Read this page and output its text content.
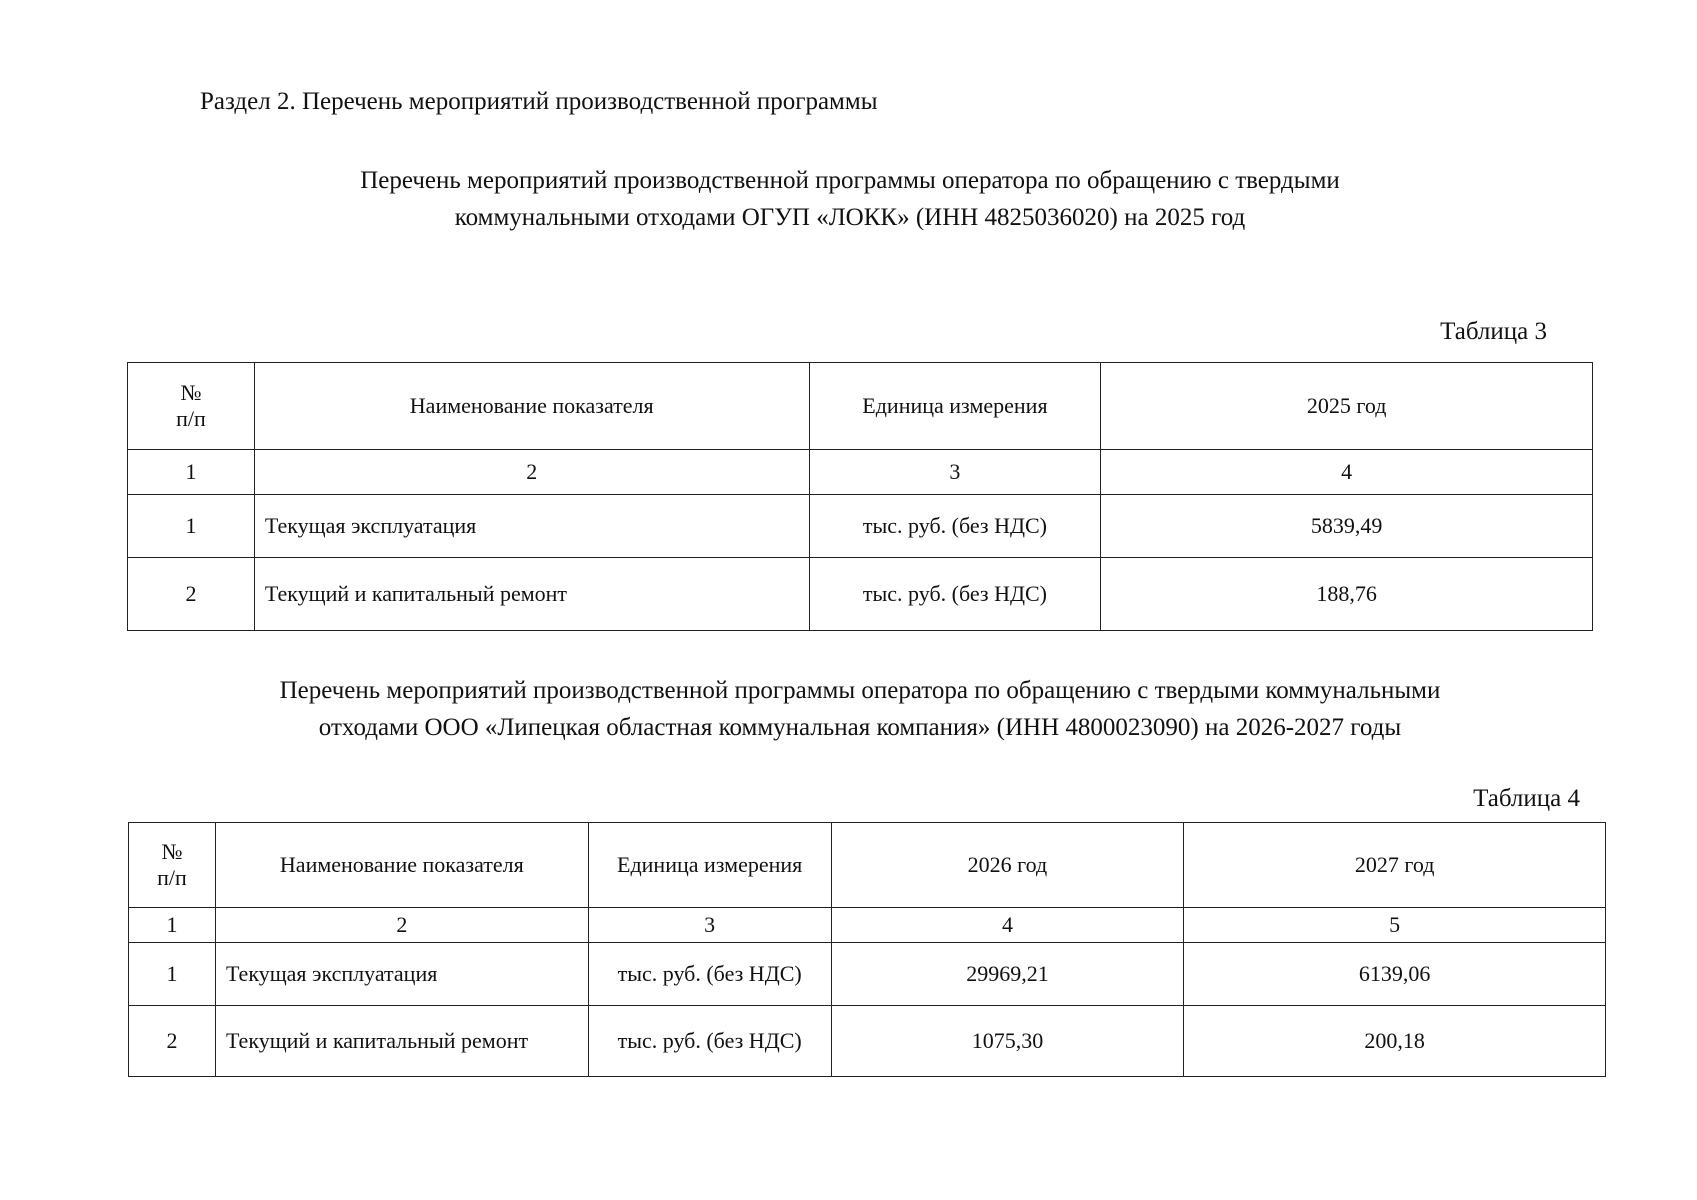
Раздел 2. Перечень мероприятий производственной программы

Перечень мероприятий производственной программы оператора по обращению с твердыми
коммунальными отходами ОГУП «ЛОКК» (ИНН 4825036020) на 2025 год

Таблица 3

№
п/п	Наименование показателя	Единица измерения	2025 год
1	2	3	4
1	Текущая эксплуатация	тыс. руб. (без НДС)	5839,49
2	Текущий и капитальный ремонт	тыс. руб. (без НДС)	188,76

Перечень мероприятий производственной программы оператора по обращению с твердыми коммунальными
отходами ООО «Липецкая областная коммунальная компания» (ИНН 4800023090) на 2026-2027 годы

Таблица 4

№
п/п	Наименование показателя	Единица измерения	2026 год	2027 год
1	2	3	4	5
1	Текущая эксплуатация	тыс. руб. (без НДС)	29969,21	6139,06
2	Текущий и капитальный ремонт	тыс. руб. (без НДС)	1075,30	200,18
